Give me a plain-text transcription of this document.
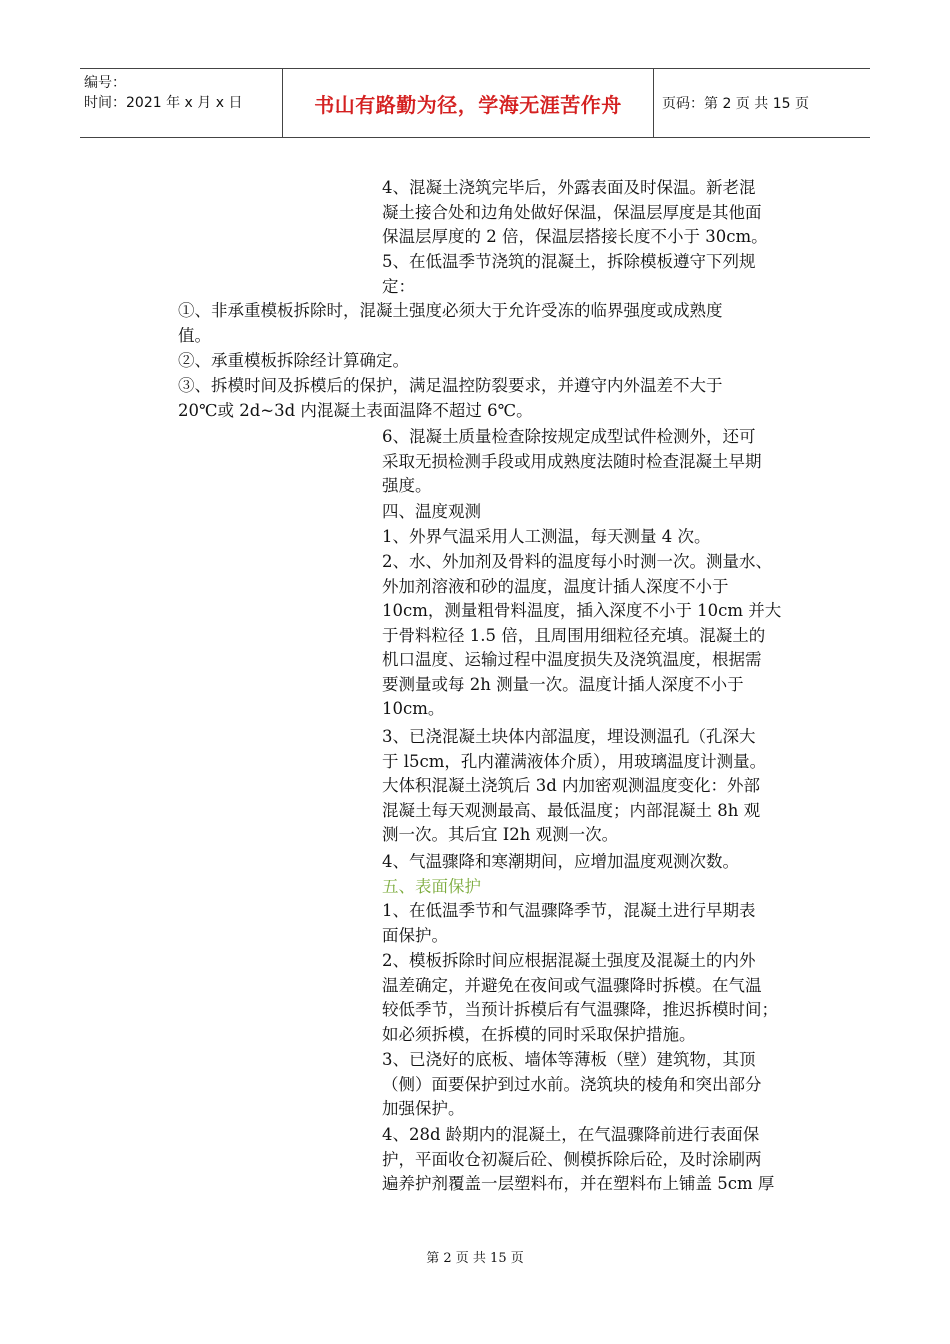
编号：
时间：2021 年 x 月 x 日	书山有路勤为径，学海无涯苦作舟	页码：第 2 页 共 15 页
4、混凝土浇筑完毕后，外露表面及时保温。新老混
凝土接合处和边角处做好保温，保温层厚度是其他面
保温层厚度的 2 倍，保温层搭接长度不小于 30cm。
5、在低温季节浇筑的混凝土，拆除模板遵守下列规
定：
①、非承重模板拆除时，混凝土强度必须大于允许受冻的临界强度或成熟度
值。
②、承重模板拆除经计算确定。
③、拆模时间及拆模后的保护，满足温控防裂要求，并遵守内外温差不大于
20℃或 2d~3d 内混凝土表面温降不超过 6℃。
6、混凝土质量检查除按规定成型试件检测外，还可
采取无损检测手段或用成熟度法随时检查混凝土早期
强度。
四、温度观测
1、外界气温采用人工测温，每天测量 4 次。
2、水、外加剂及骨料的温度每小时测一次。测量水、
外加剂溶液和砂的温度，温度计插人深度不小于
10cm，测量粗骨料温度，插入深度不小于 10cm 并大
于骨料粒径 1.5 倍，且周围用细粒径充填。混凝土的
机口温度、运输过程中温度损失及浇筑温度，根据需
要测量或每 2h 测量一次。温度计插人深度不小于
10cm。
3、已浇混凝土块体内部温度，埋设测温孔（孔深大
于 l5cm，孔内灌满液体介质），用玻璃温度计测量。
大体积混凝土浇筑后 3d 内加密观测温度变化：外部
混凝土每天观测最高、最低温度；内部混凝土 8h 观
测一次。其后宜 I2h 观测一次。
4、气温骤降和寒潮期间，应增加温度观测次数。
五、表面保护
1、在低温季节和气温骤降季节，混凝土进行早期表
面保护。
2、模板拆除时间应根据混凝土强度及混凝土的内外
温差确定，并避免在夜间或气温骤降时拆模。在气温
较低季节，当预计拆模后有气温骤降，推迟拆模时间；
如必须拆模，在拆模的同时采取保护措施。
3、已浇好的底板、墙体等薄板（壁）建筑物，其顶
（侧）面要保护到过水前。浇筑块的棱角和突出部分
加强保护。
4、28d 龄期内的混凝土，在气温骤降前进行表面保
护，平面收仓初凝后砼、侧模拆除后砼，及时涂刷两
遍养护剂覆盖一层塑料布，并在塑料布上铺盖 5cm 厚
第 2 页 共 15 页
